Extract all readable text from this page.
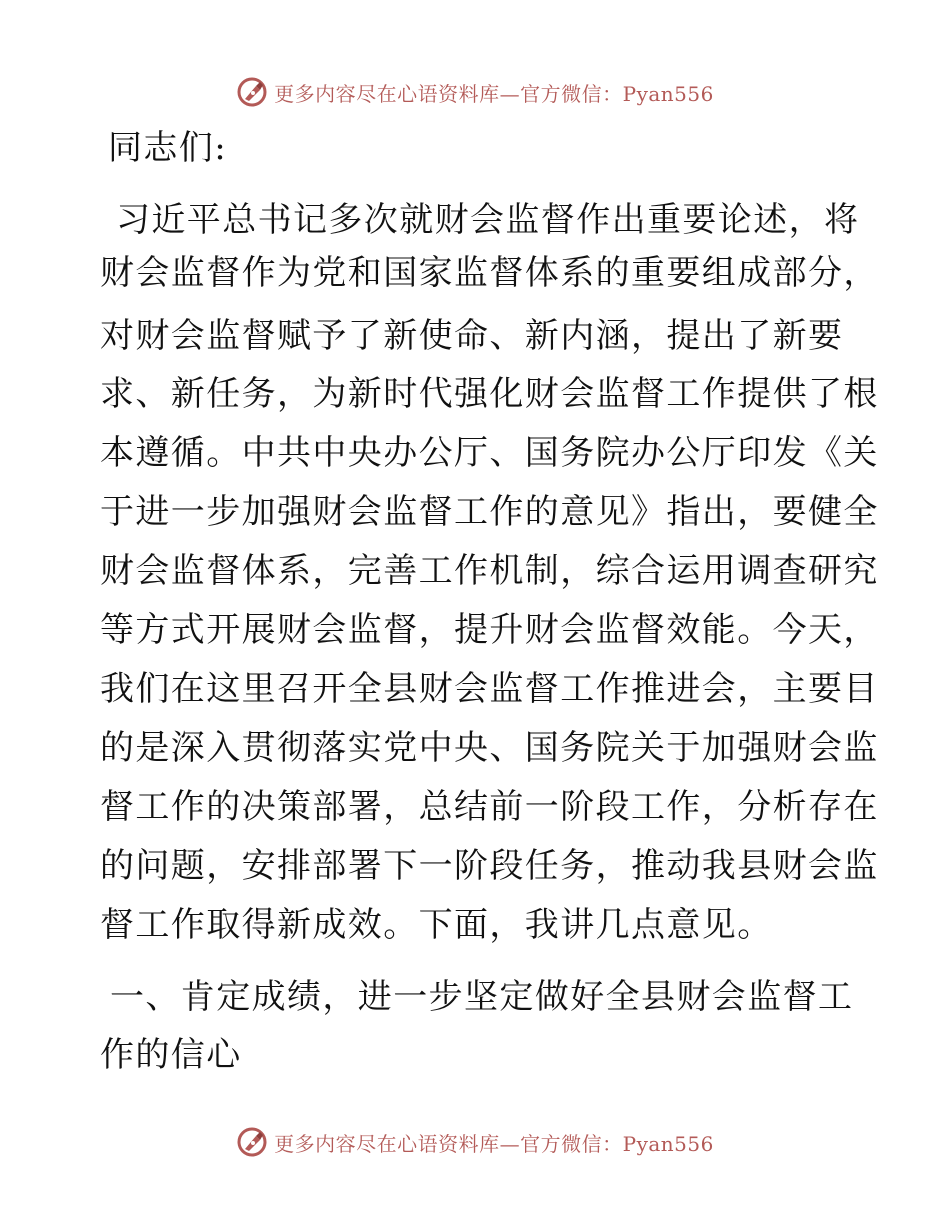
更多内容尽在心语资料库—官方微信：Pyan556
同志们:
习近平总书记多次就财会监督作出重要论述，将
财会监督作为党和国家监督体系的重要组成部分，
对财会监督赋予了新使命、新内涵，提出了新要
求、新任务，为新时代强化财会监督工作提供了根
本遵循。中共中央办公厅、国务院办公厅印发《关
于进一步加强财会监督工作的意见》指出，要健全
财会监督体系，完善工作机制，综合运用调查研究
等方式开展财会监督，提升财会监督效能。今天，
我们在这里召开全县财会监督工作推进会，主要目
的是深入贯彻落实党中央、国务院关于加强财会监
督工作的决策部署，总结前一阶段工作，分析存在
的问题，安排部署下一阶段任务，推动我县财会监
督工作取得新成效。下面，我讲几点意见。
一、肯定成绩，进一步坚定做好全县财会监督工
作的信心
更多内容尽在心语资料库—官方微信：Pyan556
